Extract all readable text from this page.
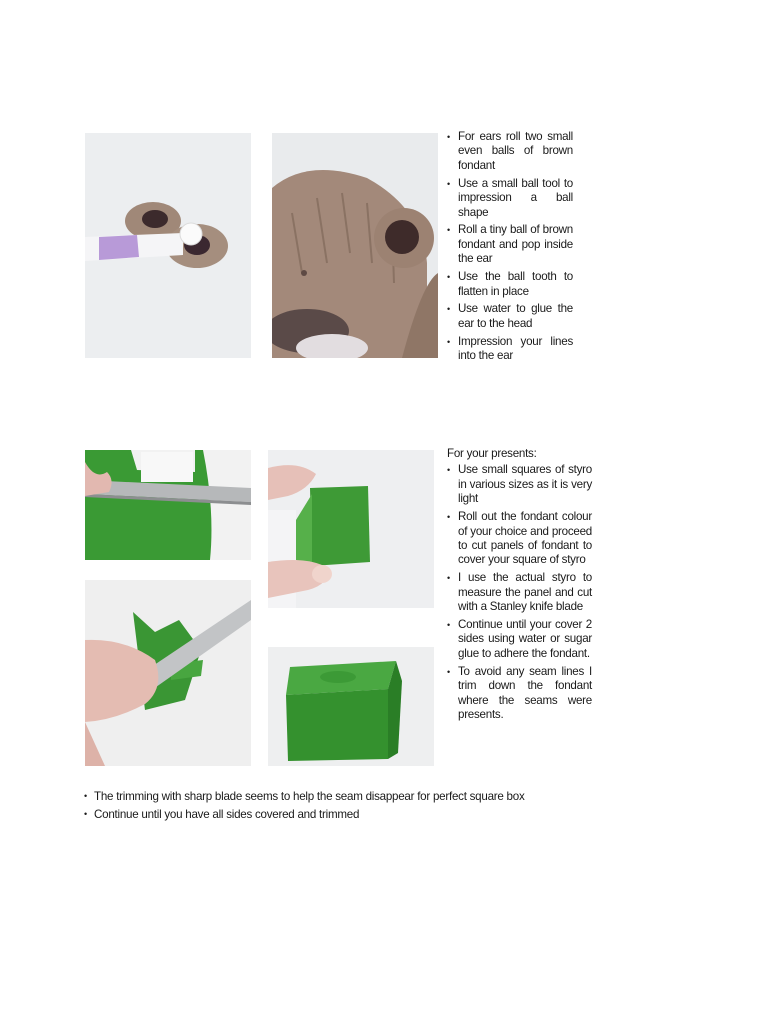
• For ears roll two small even balls of brown fondant
• Use a small ball tool to impression a ball shape
• Roll a tiny ball of brown fondant and pop inside the ear
• Use the ball tooth to flatten in place
• Use water to glue the ear to the head
• Impression your lines into the ear
For your presents:
• Use small squares of styro in various sizes as it is very light
• Roll out the fondant colour of your choice and proceed to cut panels of fondant to cover your square of styro
• I use the actual styro to measure the panel and cut with a Stanley knife blade
• Continue until your cover 2 sides using water or sugar glue to adhere the fondant.
• To avoid any seam lines I trim down the fondant where the seams were presents.
• The trimming with sharp blade seems to help the seam disappear for perfect square box
• Continue until you have all sides covered and trimmed
